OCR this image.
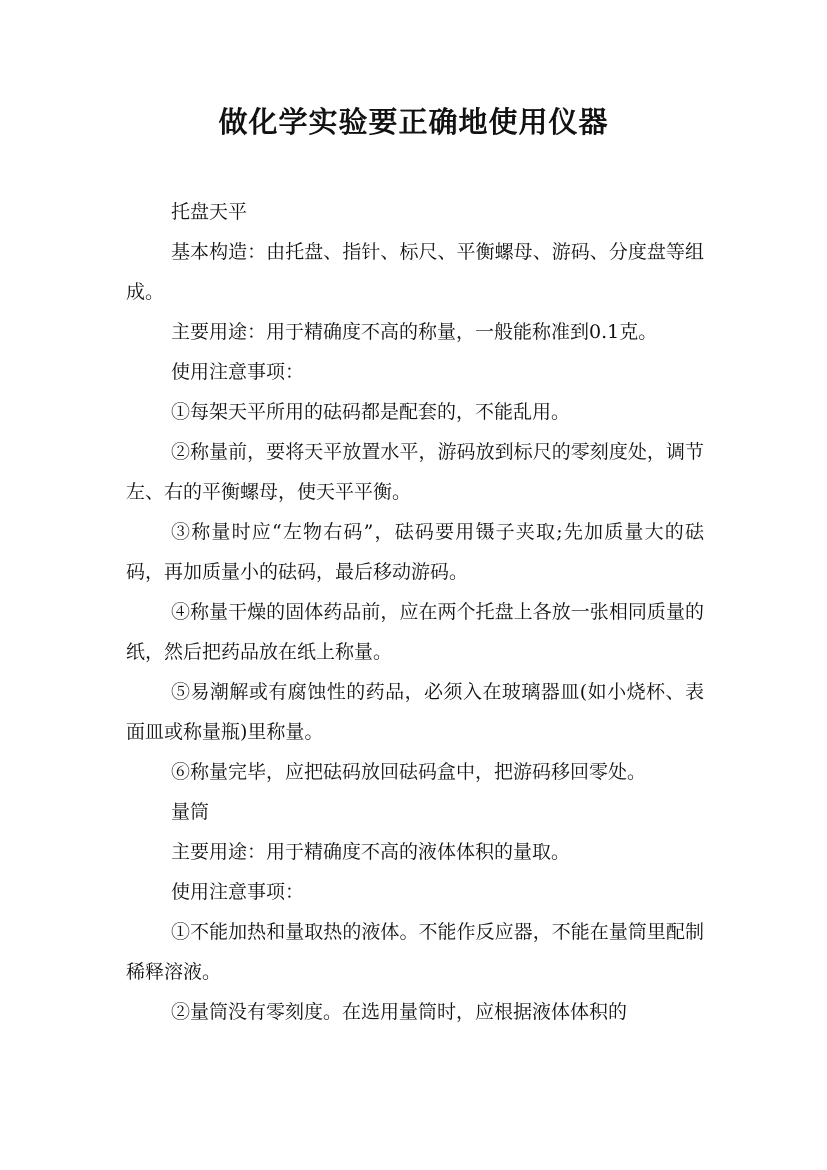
做化学实验要正确地使用仪器

托盘天平

基本构造：由托盘、指针、标尺、平衡螺母、游码、分度盘等组成。

主要用途：用于精确度不高的称量，一般能称准到0.1克。

使用注意事项：

①每架天平所用的砝码都是配套的，不能乱用。

②称量前，要将天平放置水平，游码放到标尺的零刻度处，调节左、右的平衡螺母，使天平平衡。

③称量时应“左物右码”，砝码要用镊子夹取;先加质量大的砝码，再加质量小的砝码，最后移动游码。

④称量干燥的固体药品前，应在两个托盘上各放一张相同质量的纸，然后把药品放在纸上称量。

⑤易潮解或有腐蚀性的药品，必须入在玻璃器皿(如小烧杯、表面皿或称量瓶)里称量。

⑥称量完毕，应把砝码放回砝码盒中，把游码移回零处。

量筒

主要用途：用于精确度不高的液体体积的量取。

使用注意事项：

①不能加热和量取热的液体。不能作反应器，不能在量筒里配制稀释溶液。

②量筒没有零刻度。在选用量筒时，应根据液体体积的
